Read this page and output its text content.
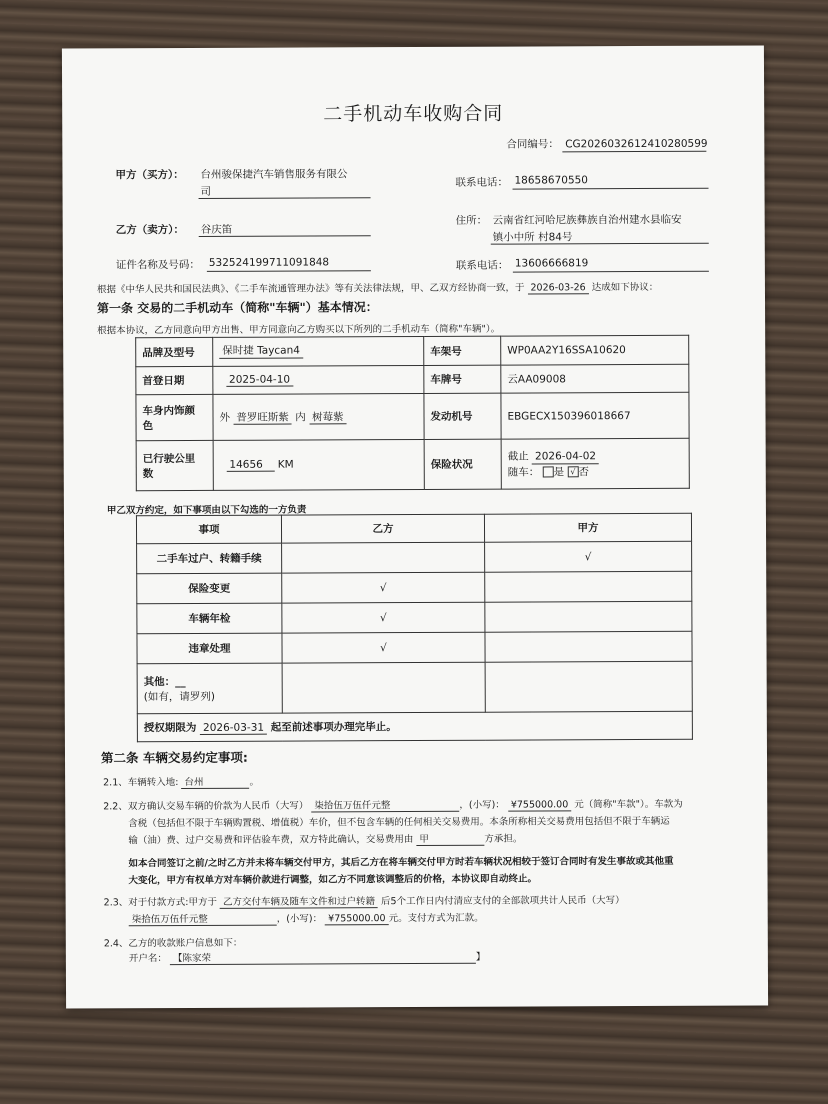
二手机动车收购合同
合同编号： CG2026032612410280599
甲方（买方）： 台州骏保捷汽车销售服务有限公
司
联系电话： 18658670550
乙方（卖方）： 谷庆笛
住所： 云南省红河哈尼族彝族自治州建水县临安
镇小中所 村84号
证件名称及号码： 532524199711091848	联系电话： 13606666819
根据《中华人民共和国民法典》、《二手车流通管理办法》等有关法律法规，甲、乙双方经协商一致，于 2026-03-26 达成如下协议：
第一条 交易的二手机动车（简称"车辆"）基本情况：
根据本协议，乙方同意向甲方出售、甲方同意向乙方购买以下所列的二手机动车（简称"车辆"）。
品牌及型号	保时捷 Taycan4	车架号	WP0AA2Y16SSA10620
首登日期	2025-04-10	车牌号	云AA09008
车身内饰颜
色	外 普罗旺斯紫 内 树莓紫	发动机号	EBGECX150396018667
已行驶公里
数	14656 KM	保险状况	截止 2026-04-02
随车： 是 √ 否
甲乙双方约定，如下事项由以下勾选的一方负责
事项	乙方	甲方
二手车过户、转籍手续		√
保险变更	√	
车辆年检	√	
违章处理	√	
其他：__
(如有，请罗列)		
授权期限为 2026-03-31 起至前述事项办理完毕止。		
第二条 车辆交易约定事项:
2.1、车辆转入地: 台州	。
2.2、双方确认交易车辆的价款为人民币（大写） 柒拾伍万伍仟元整	，(小写)： ¥755000.00 元（简称"车款"）。车款为
含税（包括但不限于车辆购置税、增值税）车价，但不包含车辆的任何相关交易费用。本条所称相关交易费用包括但不限于车辆运
输（油）费、过户交易费和评估验车费，双方特此确认，交易费用由 甲	方承担。
如本合同签订之前/之时乙方并未将车辆交付甲方，其后乙方在将车辆交付甲方时若车辆状况相较于签订合同时有发生事故或其他重
大变化，甲方有权单方对车辆价款进行调整，如乙方不同意该调整后的价格，本协议即自动终止。
2.3、对于付款方式:甲方于 乙方交付车辆及随车文件和过户转籍 后5个工作日内付清应支付的全部款项共计人民币（大写）
柒拾伍万伍仟元整	，(小写)： ¥755000.00 元。支付方式为汇款。
2.4、乙方的收款账户信息如下：
开户名： 【陈家荣	】
